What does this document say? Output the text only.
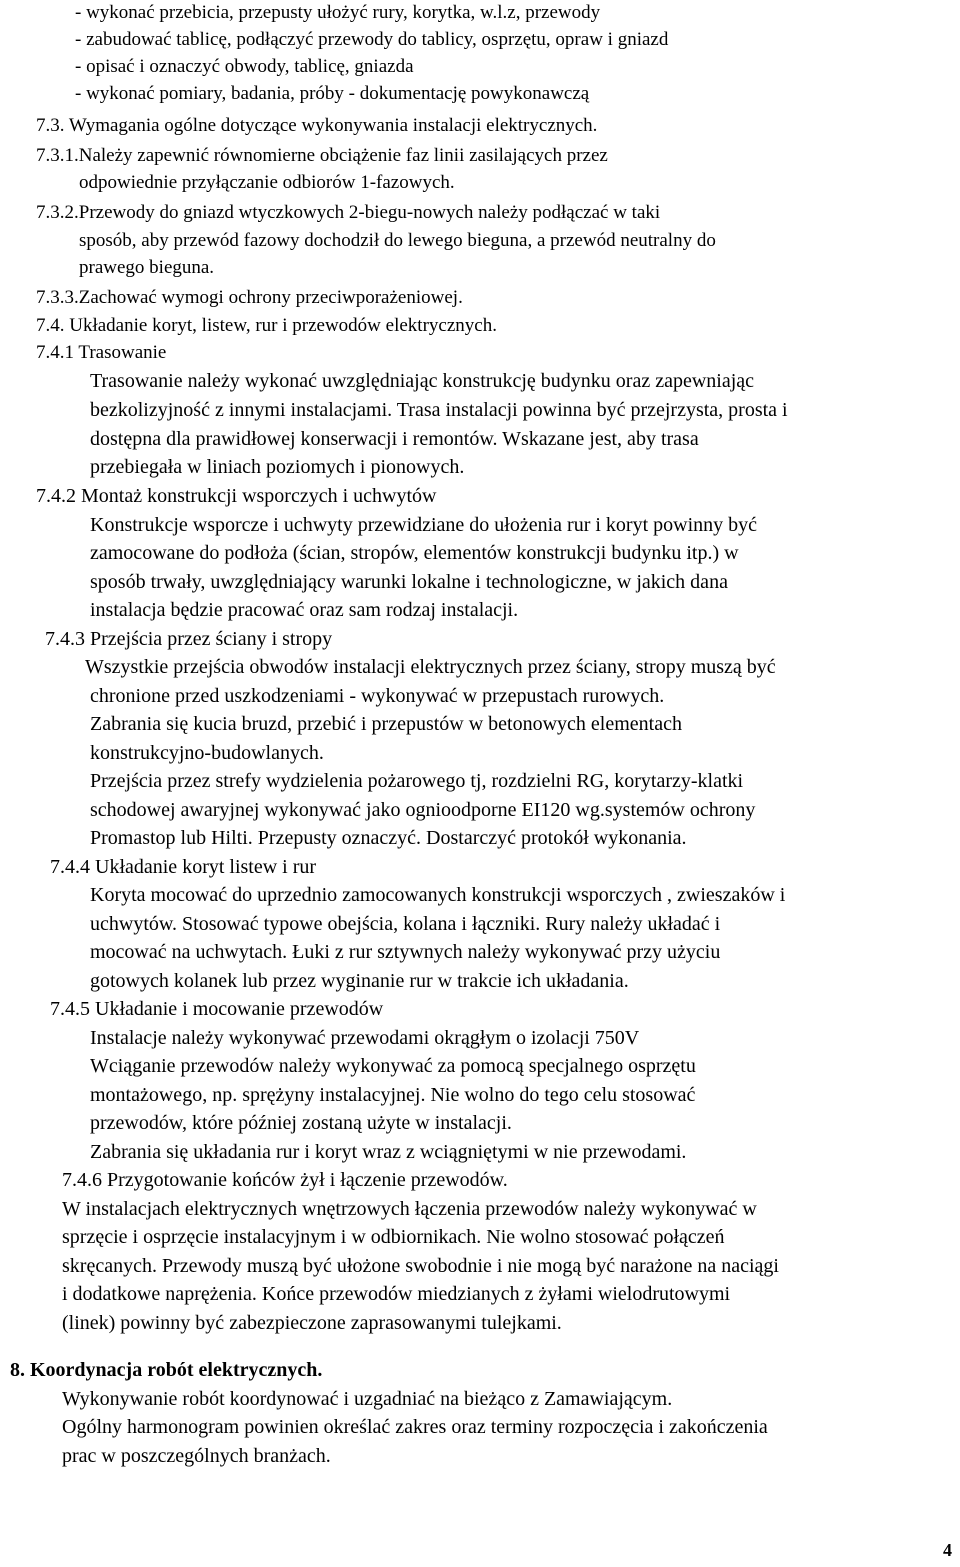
- wykonać przebicia, przepusty ułożyć rury, korytka, w.l.z, przewody
- zabudować tablicę, podłączyć przewody do tablicy, osprzętu, opraw i gniazd
- opisać i oznaczyć obwody, tablicę, gniazda
- wykonać pomiary, badania, próby - dokumentację powykonawczą
7.3. Wymagania ogólne dotyczące wykonywania instalacji elektrycznych.
7.3.1.Należy zapewnić równomierne obciążenie faz linii zasilających przez
odpowiednie przyłączanie odbiorów 1-fazowych.
7.3.2.Przewody do gniazd wtyczkowych 2-biegu-nowych należy podłączać w taki
sposób, aby przewód fazowy dochodził do lewego bieguna, a przewód neutralny do
prawego bieguna.
7.3.3.Zachować wymogi ochrony przeciwporażeniowej.
7.4. Układanie koryt, listew, rur i przewodów elektrycznych.
7.4.1 Trasowanie
Trasowanie należy wykonać uwzględniając konstrukcję budynku oraz zapewniając
bezkolizyjność z innymi instalacjami. Trasa instalacji powinna być przejrzysta, prosta i
dostępna dla prawidłowej konserwacji i remontów. Wskazane jest, aby trasa
przebiegała w liniach poziomych i pionowych.
7.4.2 Montaż konstrukcji wsporczych i uchwytów
Konstrukcje wsporcze i uchwyty przewidziane do ułożenia rur i koryt powinny być
zamocowane do podłoża (ścian, stropów, elementów konstrukcji budynku itp.) w
sposób trwały, uwzględniający warunki lokalne i technologiczne, w jakich dana
instalacja będzie pracować oraz sam rodzaj instalacji.
7.4.3 Przejścia przez ściany i stropy
Wszystkie przejścia obwodów instalacji elektrycznych przez ściany, stropy muszą być
chronione przed uszkodzeniami - wykonywać w przepustach rurowych.
Zabrania się kucia bruzd, przebić i przepustów w betonowych elementach
konstrukcyjno-budowlanych.
Przejścia przez strefy wydzielenia pożarowego tj, rozdzielni RG, korytarzy-klatki
schodowej awaryjnej wykonywać jako ognioodporne EI120 wg.systemów ochrony
Promastop lub Hilti. Przepusty oznaczyć. Dostarczyć protokół wykonania.
7.4.4 Układanie koryt listew i rur
Koryta mocować do uprzednio zamocowanych konstrukcji wsporczych , zwieszaków i
uchwytów. Stosować typowe obejścia, kolana i łączniki. Rury należy układać i
mocować na uchwytach. Łuki z rur sztywnych należy wykonywać przy użyciu
gotowych kolanek lub przez wyginanie rur w trakcie ich układania.
7.4.5 Układanie i mocowanie przewodów
Instalacje należy wykonywać przewodami okrągłym o izolacji 750V
Wciąganie przewodów należy wykonywać za pomocą specjalnego osprzętu
montażowego, np. sprężyny instalacyjnej. Nie wolno do tego celu stosować
przewodów, które później zostaną użyte w instalacji.
Zabrania się układania rur i koryt wraz z wciągniętymi w nie przewodami.
7.4.6 Przygotowanie końców żył i łączenie przewodów.
W instalacjach elektrycznych wnętrzowych łączenia przewodów należy wykonywać w
sprzęcie i osprzęcie instalacyjnym i w odbiornikach. Nie wolno stosować połączeń
skręcanych. Przewody muszą być ułożone swobodnie i nie mogą być narażone na naciągi
i dodatkowe naprężenia. Końce przewodów miedzianych z żyłami wielodrutowymi
(linek) powinny być zabezpieczone zaprasowanymi tulejkami.
8. Koordynacja robót elektrycznych.
Wykonywanie robót koordynować i uzgadniać na bieżąco z Zamawiającym.
Ogólny harmonogram powinien określać zakres oraz terminy rozpoczęcia i zakończenia
prac w poszczególnych branżach.
4
